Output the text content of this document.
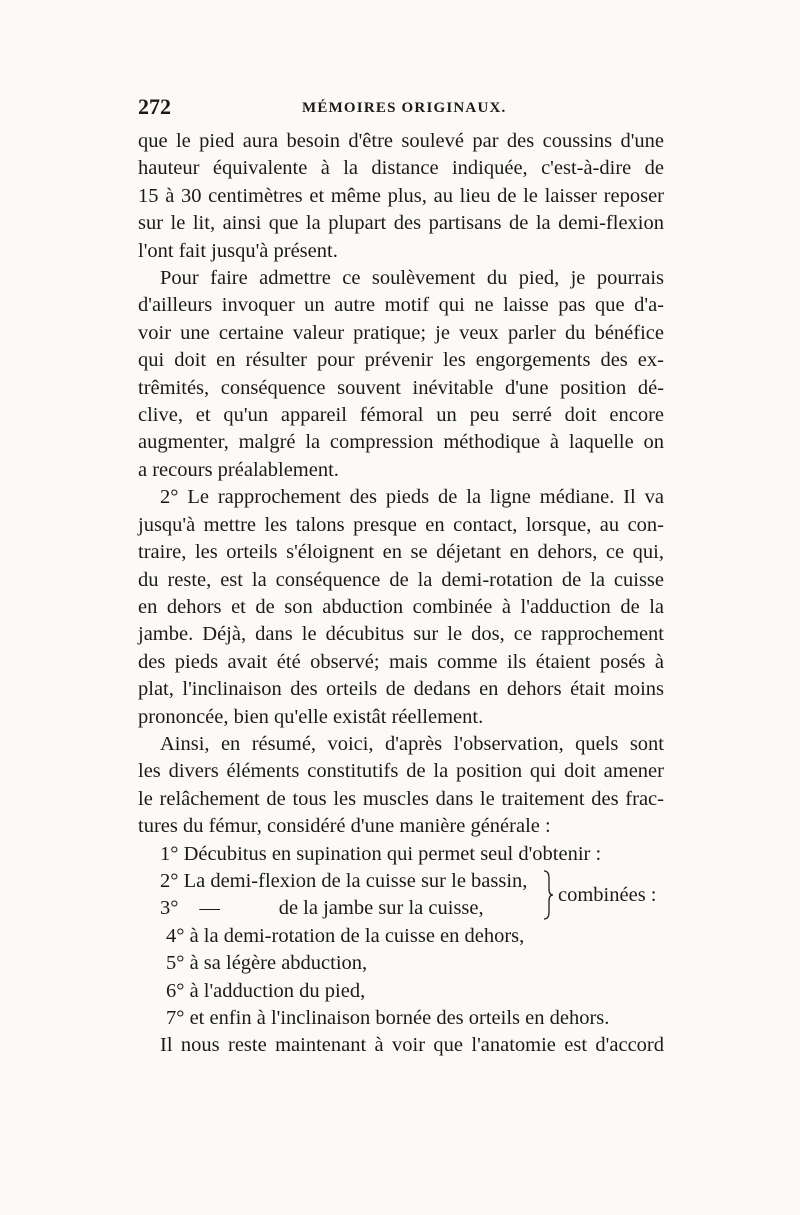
272	MÉMOIRES ORIGINAUX.
que le pied aura besoin d'être soulevé par des coussins d'une
hauteur équivalente à la distance indiquée, c'est-à-dire de
15 à 30 centimètres et même plus, au lieu de le laisser reposer
sur le lit, ainsi que la plupart des partisans de la demi-flexion
l'ont fait jusqu'à présent.
Pour faire admettre ce soulèvement du pied, je pourrais
d'ailleurs invoquer un autre motif qui ne laisse pas que d'a-
voir une certaine valeur pratique; je veux parler du bénéfice
qui doit en résulter pour prévenir les engorgements des ex-
trêmités, conséquence souvent inévitable d'une position dé-
clive, et qu'un appareil fémoral un peu serré doit encore
augmenter, malgré la compression méthodique à laquelle on
a recours préalablement.
2° Le rapprochement des pieds de la ligne médiane. Il va
jusqu'à mettre les talons presque en contact, lorsque, au con-
traire, les orteils s'éloignent en se déjetant en dehors, ce qui,
du reste, est la conséquence de la demi-rotation de la cuisse
en dehors et de son abduction combinée à l'adduction de la
jambe. Déjà, dans le décubitus sur le dos, ce rapprochement
des pieds avait été observé; mais comme ils étaient posés à
plat, l'inclinaison des orteils de dedans en dehors était moins
prononcée, bien qu'elle existât réellement.
Ainsi, en résumé, voici, d'après l'observation, quels sont
les divers éléments constitutifs de la position qui doit amener
le relâchement de tous les muscles dans le traitement des frac-
tures du fémur, considéré d'une manière générale :
1° Décubitus en supination qui permet seul d'obtenir :
2° La demi-flexion de la cuisse sur le bassin,
3° —	de la jambe sur la cuisse,
combinées :
4° à la demi-rotation de la cuisse en dehors,
5° à sa légère abduction,
6° à l'adduction du pied,
7° et enfin à l'inclinaison bornée des orteils en dehors.
Il nous reste maintenant à voir que l'anatomie est d'accord
